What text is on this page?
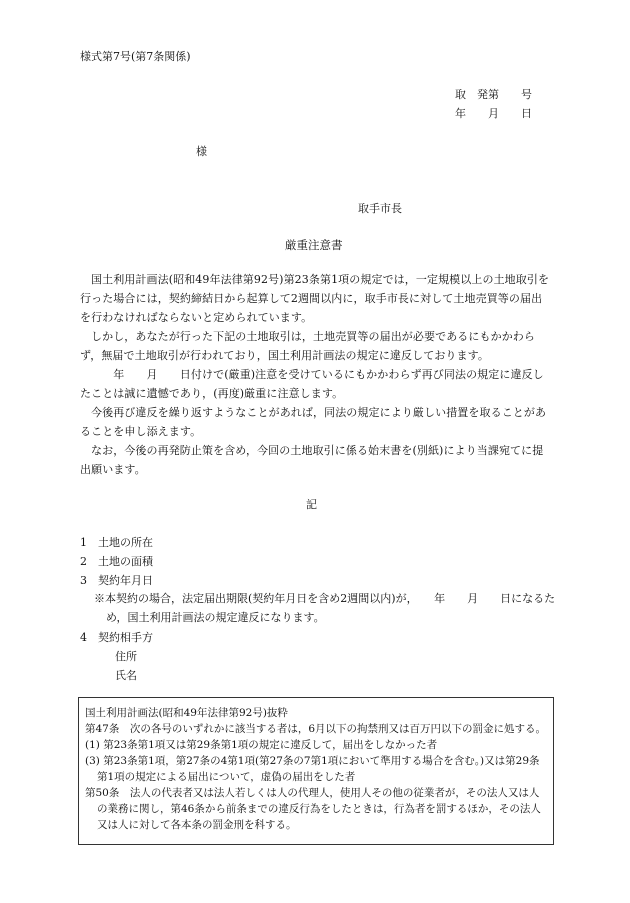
様式第7号(第7条関係)
取　発第　　号
年　　月　　日
様
取手市長
厳重注意書
国土利用計画法(昭和49年法律第92号)第23条第1項の規定では，一定規模以上の土地取引を行った場合には，契約締結日から起算して2週間以内に，取手市長に対して土地売買等の届出を行わなければならないと定められています。
しかし，あなたが行った下記の土地取引は，土地売買等の届出が必要であるにもかかわらず，無届で土地取引が行われており，国土利用計画法の規定に違反しております。
　　年　　月　　日付けで(厳重)注意を受けているにもかかわらず再び同法の規定に違反したことは誠に遺憾であり，(再度)厳重に注意します。
今後再び違反を繰り返すようなことがあれば，同法の規定により厳しい措置を取ることがあることを申し添えます。
なお，今後の再発防止策を含め，今回の土地取引に係る始末書を(別紙)により当課宛てに提出願います。
記
1 土地の所在
2 土地の面積
3 契約年月日
※本契約の場合，法定届出期限(契約年月日を含め2週間以内)が，　　年　　月　　日になるため，国土利用計画法の規定違反になります。
4 契約相手方
住所
氏名
国土利用計画法(昭和49年法律第92号)抜粋
第47条　次の各号のいずれかに該当する者は，6月以下の拘禁刑又は百万円以下の罰金に処する。
(1) 第23条第1項又は第29条第1項の規定に違反して，届出をしなかった者
(3) 第23条第1項，第27条の4第1項(第27条の7第1項において準用する場合を含む。)又は第29条第1項の規定による届出について，虚偽の届出をした者
第50条　法人の代表者又は法人若しくは人の代理人，使用人その他の従業者が，その法人又は人の業務に関し，第46条から前条までの違反行為をしたときは，行為者を罰するほか，その法人又は人に対して各本条の罰金刑を科する。
